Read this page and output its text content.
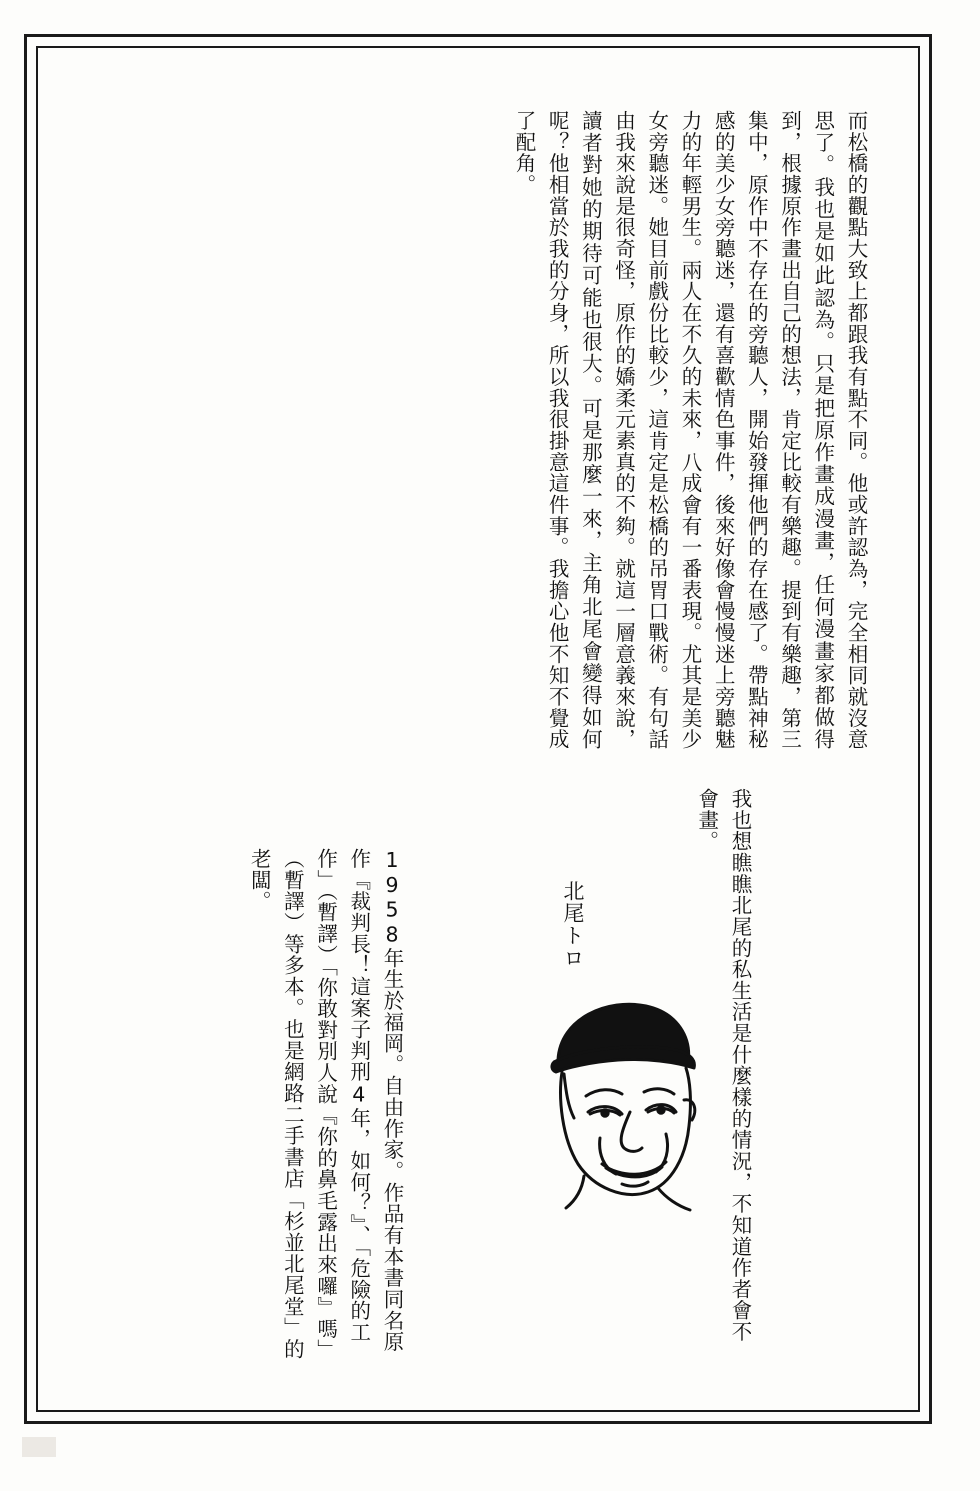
而松橋的觀點大致上都跟我有點不同。他或許認為，完全相同就沒意思了。我也是如此認為。只是把原作畫成漫畫，任何漫畫家都做得到，根據原作畫出自己的想法，肯定比較有樂趣。提到有樂趣，第三集中，原作中不存在的旁聽人，開始發揮他們的存在感了。帶點神秘感的美少女旁聽迷，還有喜歡情色事件，後來好像會慢慢迷上旁聽魅力的年輕男生。兩人在不久的未來，八成會有一番表現。尤其是美少女旁聽迷。她目前戲份比較少，這肯定是松橋的吊胃口戰術。有句話由我來說是很奇怪，原作的嬌柔元素真的不夠。就這一層意義來說，讀者對她的期待可能也很大。可是那麼一來，主角北尾會變得如何呢？他相當於我的分身，所以我很掛意這件事。我擔心他不知不覺成了配角。
我也想瞧瞧北尾的私生活是什麼樣的情況，不知道作者會不會畫。
北尾トロ
1958年生於福岡。自由作家。作品有本書同名原作『裁判長！這案子判刑4年，如何？』、「危險的工作」（暫譯）「你敢對別人說『你的鼻毛露出來囉』嗎」（暫譯）等多本。也是網路二手書店「杉並北尾堂」的老闆。
